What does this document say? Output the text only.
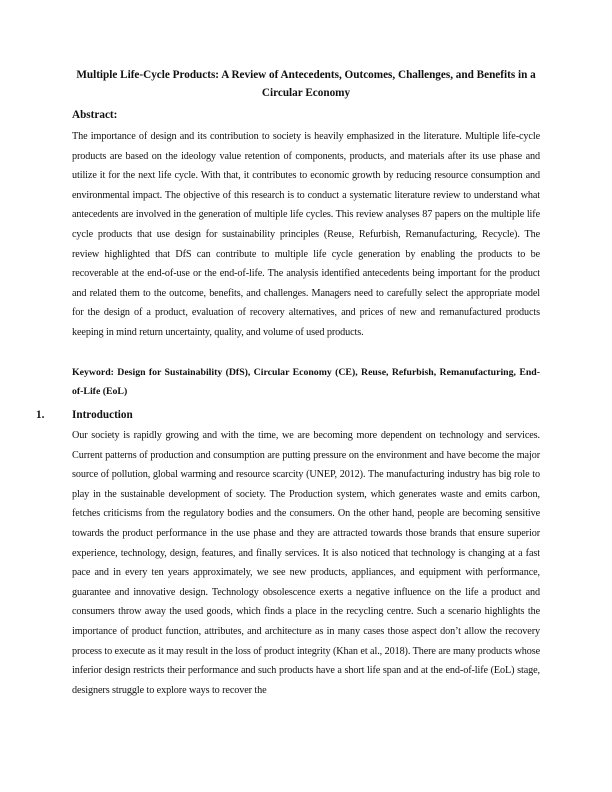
Multiple Life-Cycle Products: A Review of Antecedents, Outcomes, Challenges, and Benefits in a Circular Economy
Abstract:
The importance of design and its contribution to society is heavily emphasized in the literature. Multiple life-cycle products are based on the ideology value retention of components, products, and materials after its use phase and utilize it for the next life cycle. With that, it contributes to economic growth by reducing resource consumption and environmental impact. The objective of this research is to conduct a systematic literature review to understand what antecedents are involved in the generation of multiple life cycles. This review analyses 87 papers on the multiple life cycle products that use design for sustainability principles (Reuse, Refurbish, Remanufacturing, Recycle). The review highlighted that DfS can contribute to multiple life cycle generation by enabling the products to be recoverable at the end-of-use or the end-of-life. The analysis identified antecedents being important for the product and related them to the outcome, benefits, and challenges. Managers need to carefully select the appropriate model for the design of a product, evaluation of recovery alternatives, and prices of new and remanufactured products keeping in mind return uncertainty, quality, and volume of used products.
Keyword: Design for Sustainability (DfS), Circular Economy (CE), Reuse, Refurbish, Remanufacturing, End-of-Life (EoL)
1. Introduction
Our society is rapidly growing and with the time, we are becoming more dependent on technology and services. Current patterns of production and consumption are putting pressure on the environment and have become the major source of pollution, global warming and resource scarcity (UNEP, 2012). The manufacturing industry has big role to play in the sustainable development of society. The Production system, which generates waste and emits carbon, fetches criticisms from the regulatory bodies and the consumers. On the other hand, people are becoming sensitive towards the product performance in the use phase and they are attracted towards those brands that ensure superior experience, technology, design, features, and finally services. It is also noticed that technology is changing at a fast pace and in every ten years approximately, we see new products, appliances, and equipment with performance, guarantee and innovative design. Technology obsolescence exerts a negative influence on the life a product and consumers throw away the used goods, which finds a place in the recycling centre. Such a scenario highlights the importance of product function, attributes, and architecture as in many cases those aspect don’t allow the recovery process to execute as it may result in the loss of product integrity (Khan et al., 2018). There are many products whose inferior design restricts their performance and such products have a short life span and at the end-of-life (EoL) stage, designers struggle to explore ways to recover the
